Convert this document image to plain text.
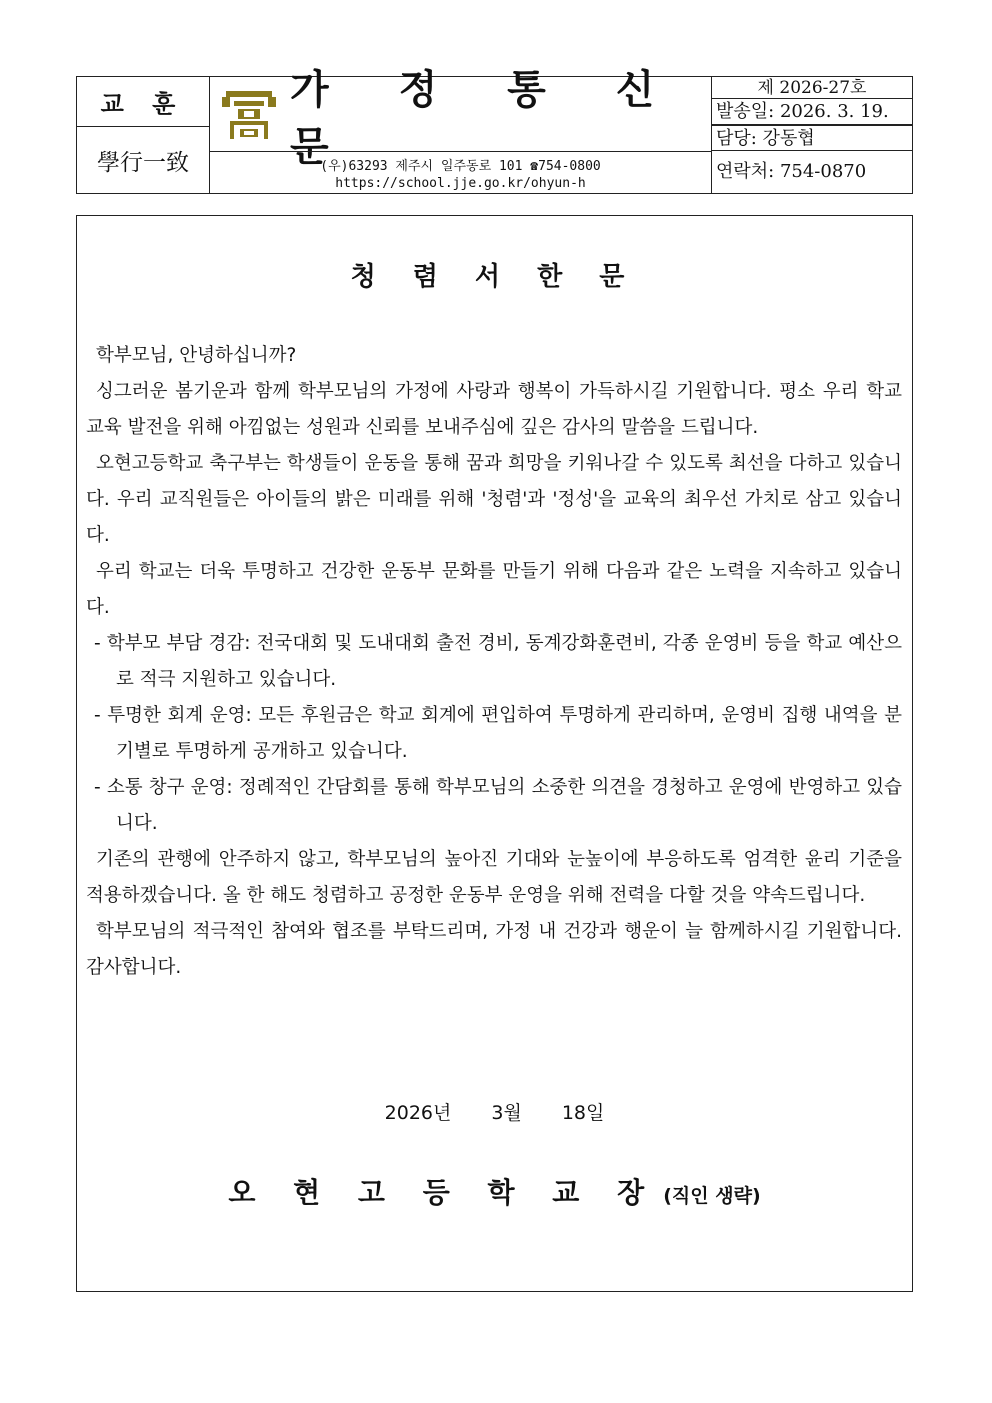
교 훈
學行一致
가 정 통 신 문
(우)63293 제주시 일주동로 101 ☎754-0800
https://school.jje.go.kr/ohyun-h
제 2026-27호
발송일: 2026. 3. 19.
담당: 강동협
연락처: 754-0870
청 렴 서 한 문

학부모님, 안녕하십니까?

싱그러운 봄기운과 함께 학부모님의 가정에 사랑과 행복이 가득하시길 기원합니다. 평소 우리 학교 교육 발전을 위해 아낌없는 성원과 신뢰를 보내주심에 깊은 감사의 말씀을 드립니다.

오현고등학교 축구부는 학생들이 운동을 통해 꿈과 희망을 키워나갈 수 있도록 최선을 다하고 있습니다. 우리 교직원들은 아이들의 밝은 미래를 위해 '청렴'과 '정성'을 교육의 최우선 가치로 삼고 있습니다.

우리 학교는 더욱 투명하고 건강한 운동부 문화를 만들기 위해 다음과 같은 노력을 지속하고 있습니다.

- 학부모 부담 경감: 전국대회 및 도내대회 출전 경비, 동계강화훈련비, 각종 운영비 등을 학교 예산으로 적극 지원하고 있습니다.

- 투명한 회계 운영: 모든 후원금은 학교 회계에 편입하여 투명하게 관리하며, 운영비 집행 내역을 분기별로 투명하게 공개하고 있습니다.

- 소통 창구 운영: 정례적인 간담회를 통해 학부모님의 소중한 의견을 경청하고 운영에 반영하고 있습니다.

기존의 관행에 안주하지 않고, 학부모님의 높아진 기대와 눈높이에 부응하도록 엄격한 윤리 기준을 적용하겠습니다. 올 한 해도 청렴하고 공정한 운동부 운영을 위해 전력을 다할 것을 약속드립니다.

학부모님의 적극적인 참여와 협조를 부탁드리며, 가정 내 건강과 행운이 늘 함께하시길 기원합니다. 감사합니다.

2026년 3월 18일
오 현 고 등 학 교 장 (직인 생략)
